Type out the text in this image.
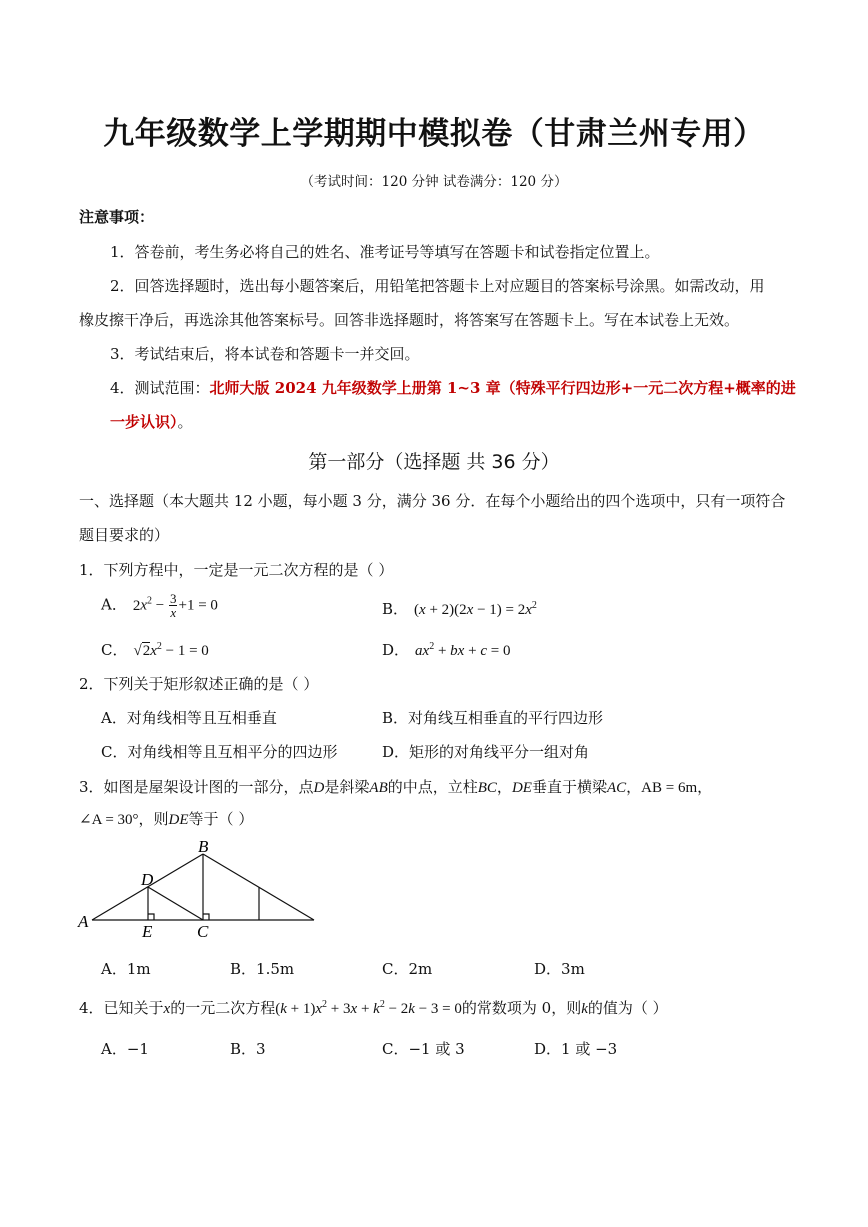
九年级数学上学期期中模拟卷（甘肃兰州专用）
（考试时间：120 分钟 试卷满分：120 分）
注意事项：
1．答卷前，考生务必将自己的姓名、准考证号等填写在答题卡和试卷指定位置上。
2．回答选择题时，选出每小题答案后，用铅笔把答题卡上对应题目的答案标号涂黑。如需改动，用
橡皮擦干净后，再选涂其他答案标号。回答非选择题时，将答案写在答题卡上。写在本试卷上无效。
3．考试结束后，将本试卷和答题卡一并交回。
4．测试范围：北师大版 2024 九年级数学上册第 1~3 章（特殊平行四边形+一元二次方程+概率的进
一步认识）。
第一部分（选择题 共 36 分）
一、选择题（本大题共 12 小题，每小题 3 分，满分 36 分．在每个小题给出的四个选项中，只有一项符合
题目要求的）
1．下列方程中，一定是一元二次方程的是（ ）
A． $2x^2 - \frac{3}{x} +1 = 0$	B． $(x + 2)(2x - 1) = 2x^2$
C． $√2x^2 - 1 = 0$	D． $ax^2$ + bx + c = 0
2．下列关于矩形叙述正确的是（ ）
A．对角线相等且互相垂直	B．对角线互相垂直的平行四边形
C．对角线相等且互相平分的四边形	D．矩形的对角线平分一组对角
3．如图是屋架设计图的一部分，点D是斜梁AB的中点，立柱BC，DE垂直于横梁AC，AB = 6m，
∠A = 30°，则DE等于（ ）
A
B
C
D
E
A．1m	B．1.5m	C．2m	D．3m
4．已知关于x的一元二次方程$(k + 1)x^2 + 3x + k^2 - 2k - 3 = 0$的常数项为 0，则k的值为（ ）
A．−1	B．3	C．−1 或 3	D．1 或 −3
